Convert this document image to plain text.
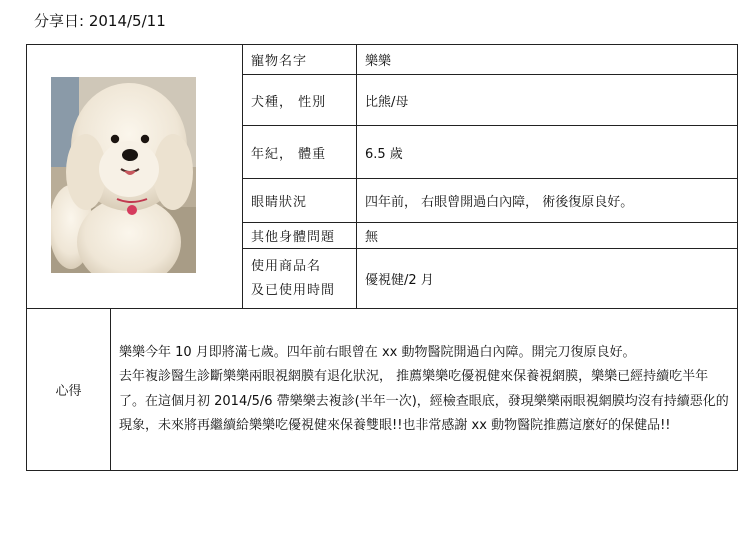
分享日: 2014/5/11
	寵物名字	樂樂
		犬種， 性別	比熊/母
		年紀， 體重	6.5 歲
		眼睛狀況	四年前， 右眼曾開過白內障， 術後復原良好。
		其他身體問題	無

		使用商品名
及已使用時間	優視健/2 月
心得	樂樂今年 10 月即將滿七歲。四年前右眼曾在 xx 動物醫院開過白內障。開完刀復原良好。

去年複診醫生診斷樂樂兩眼視網膜有退化狀況， 推薦樂樂吃優視健來保養視網膜，樂樂已經持續吃半年了。在這個月初 2014/5/6 帶樂樂去複診(半年一次)，經檢查眼底，發現樂樂兩眼視網膜均沒有持續惡化的現象，未來將再繼續給樂樂吃優視健來保養雙眼!!也非常感謝 xx 動物醫院推薦這麼好的保健品!!		
